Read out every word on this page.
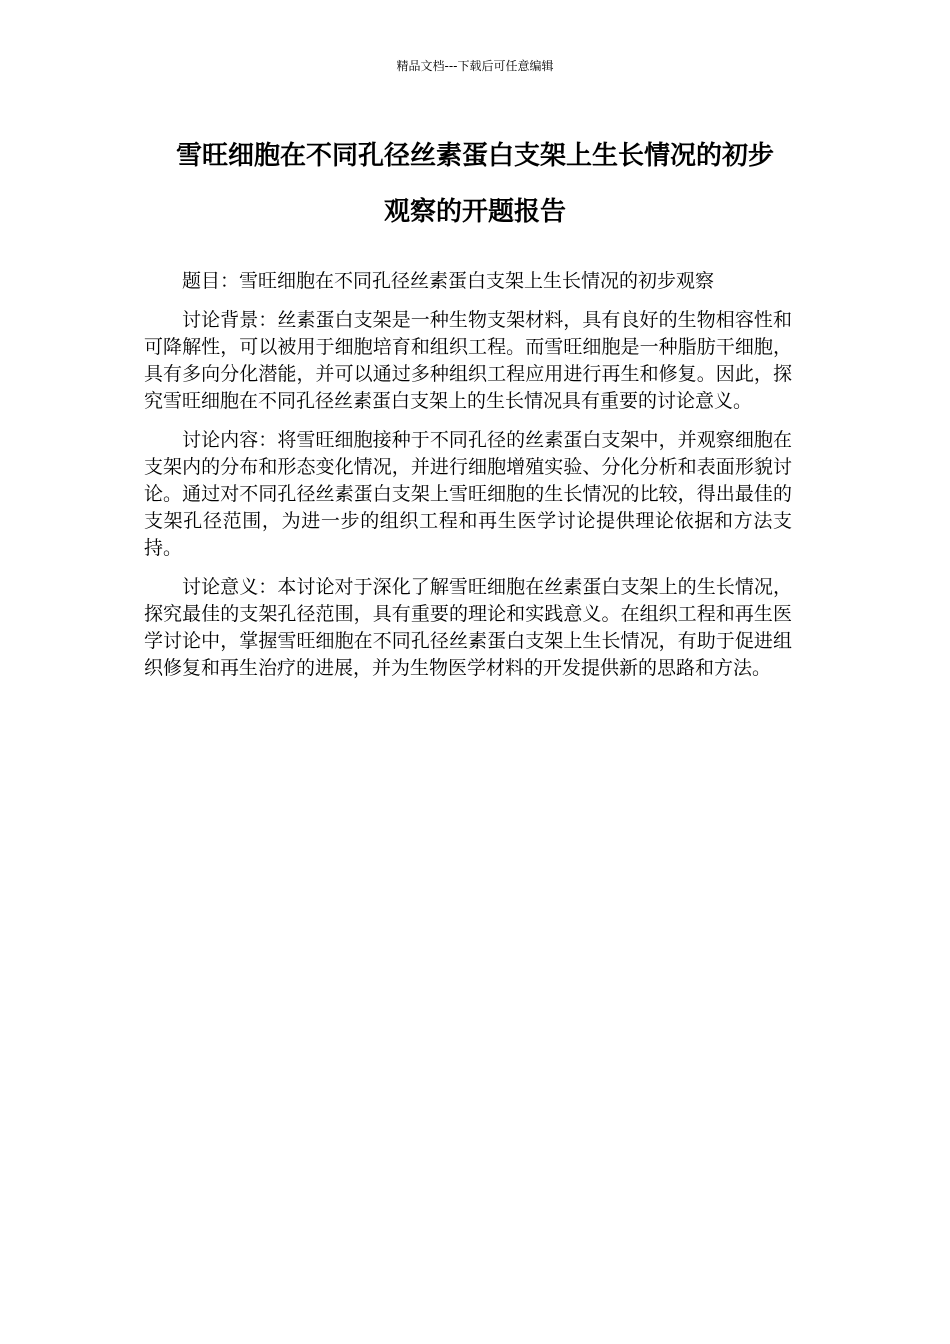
精品文档---下载后可任意编辑
雪旺细胞在不同孔径丝素蛋白支架上生长情况的初步
观察的开题报告

题目：雪旺细胞在不同孔径丝素蛋白支架上生长情况的初步观察

讨论背景：丝素蛋白支架是一种生物支架材料，具有良好的生物相容性和可降解性，可以被用于细胞培育和组织工程。而雪旺细胞是一种脂肪干细胞，具有多向分化潜能，并可以通过多种组织工程应用进行再生和修复。因此，探究雪旺细胞在不同孔径丝素蛋白支架上的生长情况具有重要的讨论意义。

讨论内容：将雪旺细胞接种于不同孔径的丝素蛋白支架中，并观察细胞在支架内的分布和形态变化情况，并进行细胞增殖实验、分化分析和表面形貌讨论。通过对不同孔径丝素蛋白支架上雪旺细胞的生长情况的比较，得出最佳的支架孔径范围，为进一步的组织工程和再生医学讨论提供理论依据和方法支持。

讨论意义：本讨论对于深化了解雪旺细胞在丝素蛋白支架上的生长情况，探究最佳的支架孔径范围，具有重要的理论和实践意义。在组织工程和再生医学讨论中，掌握雪旺细胞在不同孔径丝素蛋白支架上生长情况，有助于促进组织修复和再生治疗的进展，并为生物医学材料的开发提供新的思路和方法。
